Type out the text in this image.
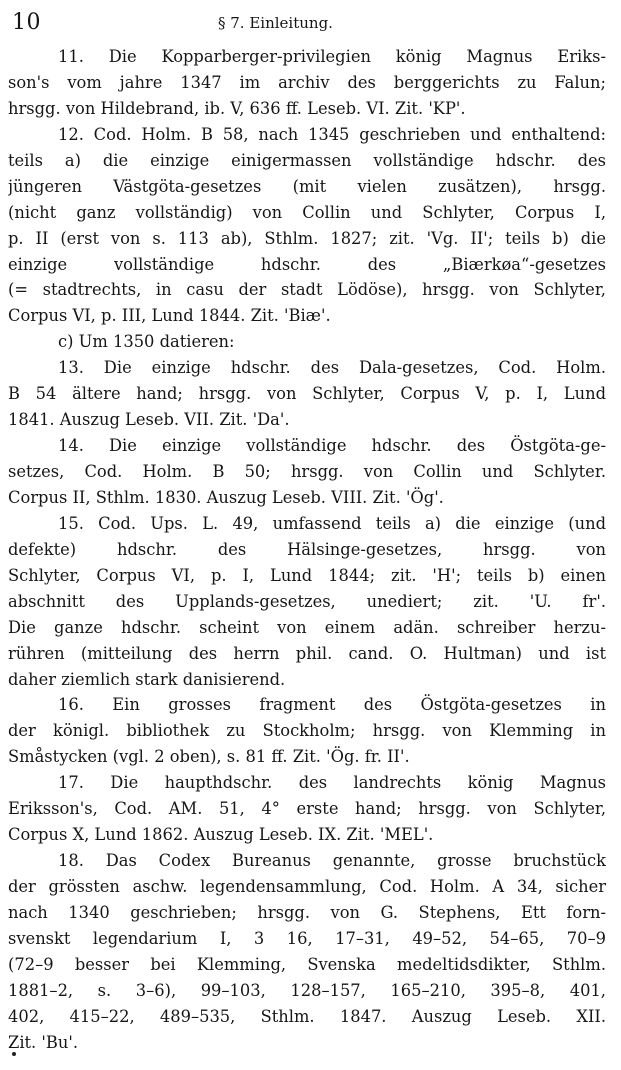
10	§ 7. Einleitung.
11. Die Kopparberger-privilegien könig Magnus Eriks-
son's vom jahre 1347 im archiv des berggerichts zu Falun;
hrsgg. von Hildebrand, ib. V, 636 ff. Leseb. VI. Zit. 'KP'.
12. Cod. Holm. B 58, nach 1345 geschrieben und enthaltend:
teils a) die einzige einigermassen vollständige hdschr. des
jüngeren Västgöta-gesetzes (mit vielen zusätzen), hrsgg.
(nicht ganz vollständig) von Collin und Schlyter, Corpus I,
p. II (erst von s. 113 ab), Sthlm. 1827; zit. 'Vg. II'; teils b) die
einzige vollständige hdschr. des „Biærkøa“-gesetzes
(= stadtrechts, in casu der stadt Lödöse), hrsgg. von Schlyter,
Corpus VI, p. III, Lund 1844. Zit. 'Biæ'.
c) Um 1350 datieren:
13. Die einzige hdschr. des Dala-gesetzes, Cod. Holm.
B 54 ältere hand; hrsgg. von Schlyter, Corpus V, p. I, Lund
1841. Auszug Leseb. VII. Zit. 'Da'.
14. Die einzige vollständige hdschr. des Östgöta-ge-
setzes, Cod. Holm. B 50; hrsgg. von Collin und Schlyter.
Corpus II, Sthlm. 1830. Auszug Leseb. VIII. Zit. 'Ög'.
15. Cod. Ups. L. 49, umfassend teils a) die einzige (und
defekte) hdschr. des Hälsinge-gesetzes, hrsgg. von
Schlyter, Corpus VI, p. I, Lund 1844; zit. 'H'; teils b) einen
abschnitt des Upplands-gesetzes, unediert; zit. 'U. fr'.
Die ganze hdschr. scheint von einem adän. schreiber herzu-
rühren (mitteilung des herrn phil. cand. O. Hultman) und ist
daher ziemlich stark danisierend.
16. Ein grosses fragment des Östgöta-gesetzes in
der königl. bibliothek zu Stockholm; hrsgg. von Klemming in
Småstycken (vgl. 2 oben), s. 81 ff. Zit. 'Ög. fr. II'.
17. Die haupthdschr. des landrechts könig Magnus
Eriksson's, Cod. AM. 51, 4° erste hand; hrsgg. von Schlyter,
Corpus X, Lund 1862. Auszug Leseb. IX. Zit. 'MEL'.
18. Das Codex Bureanus genannte, grosse bruchstück
der grössten aschw. legendensammlung, Cod. Holm. A 34, sicher
nach 1340 geschrieben; hrsgg. von G. Stephens, Ett forn-
svenskt legendarium I, 3 16, 17–31, 49–52, 54–65, 70–9
(72–9 besser bei Klemming, Svenska medeltidsdikter, Sthlm.
1881–2, s. 3–6), 99–103, 128–157, 165–210, 395–8, 401,
402, 415–22, 489–535, Sthlm. 1847. Auszug Leseb. XII.
Zit. 'Bu'.
